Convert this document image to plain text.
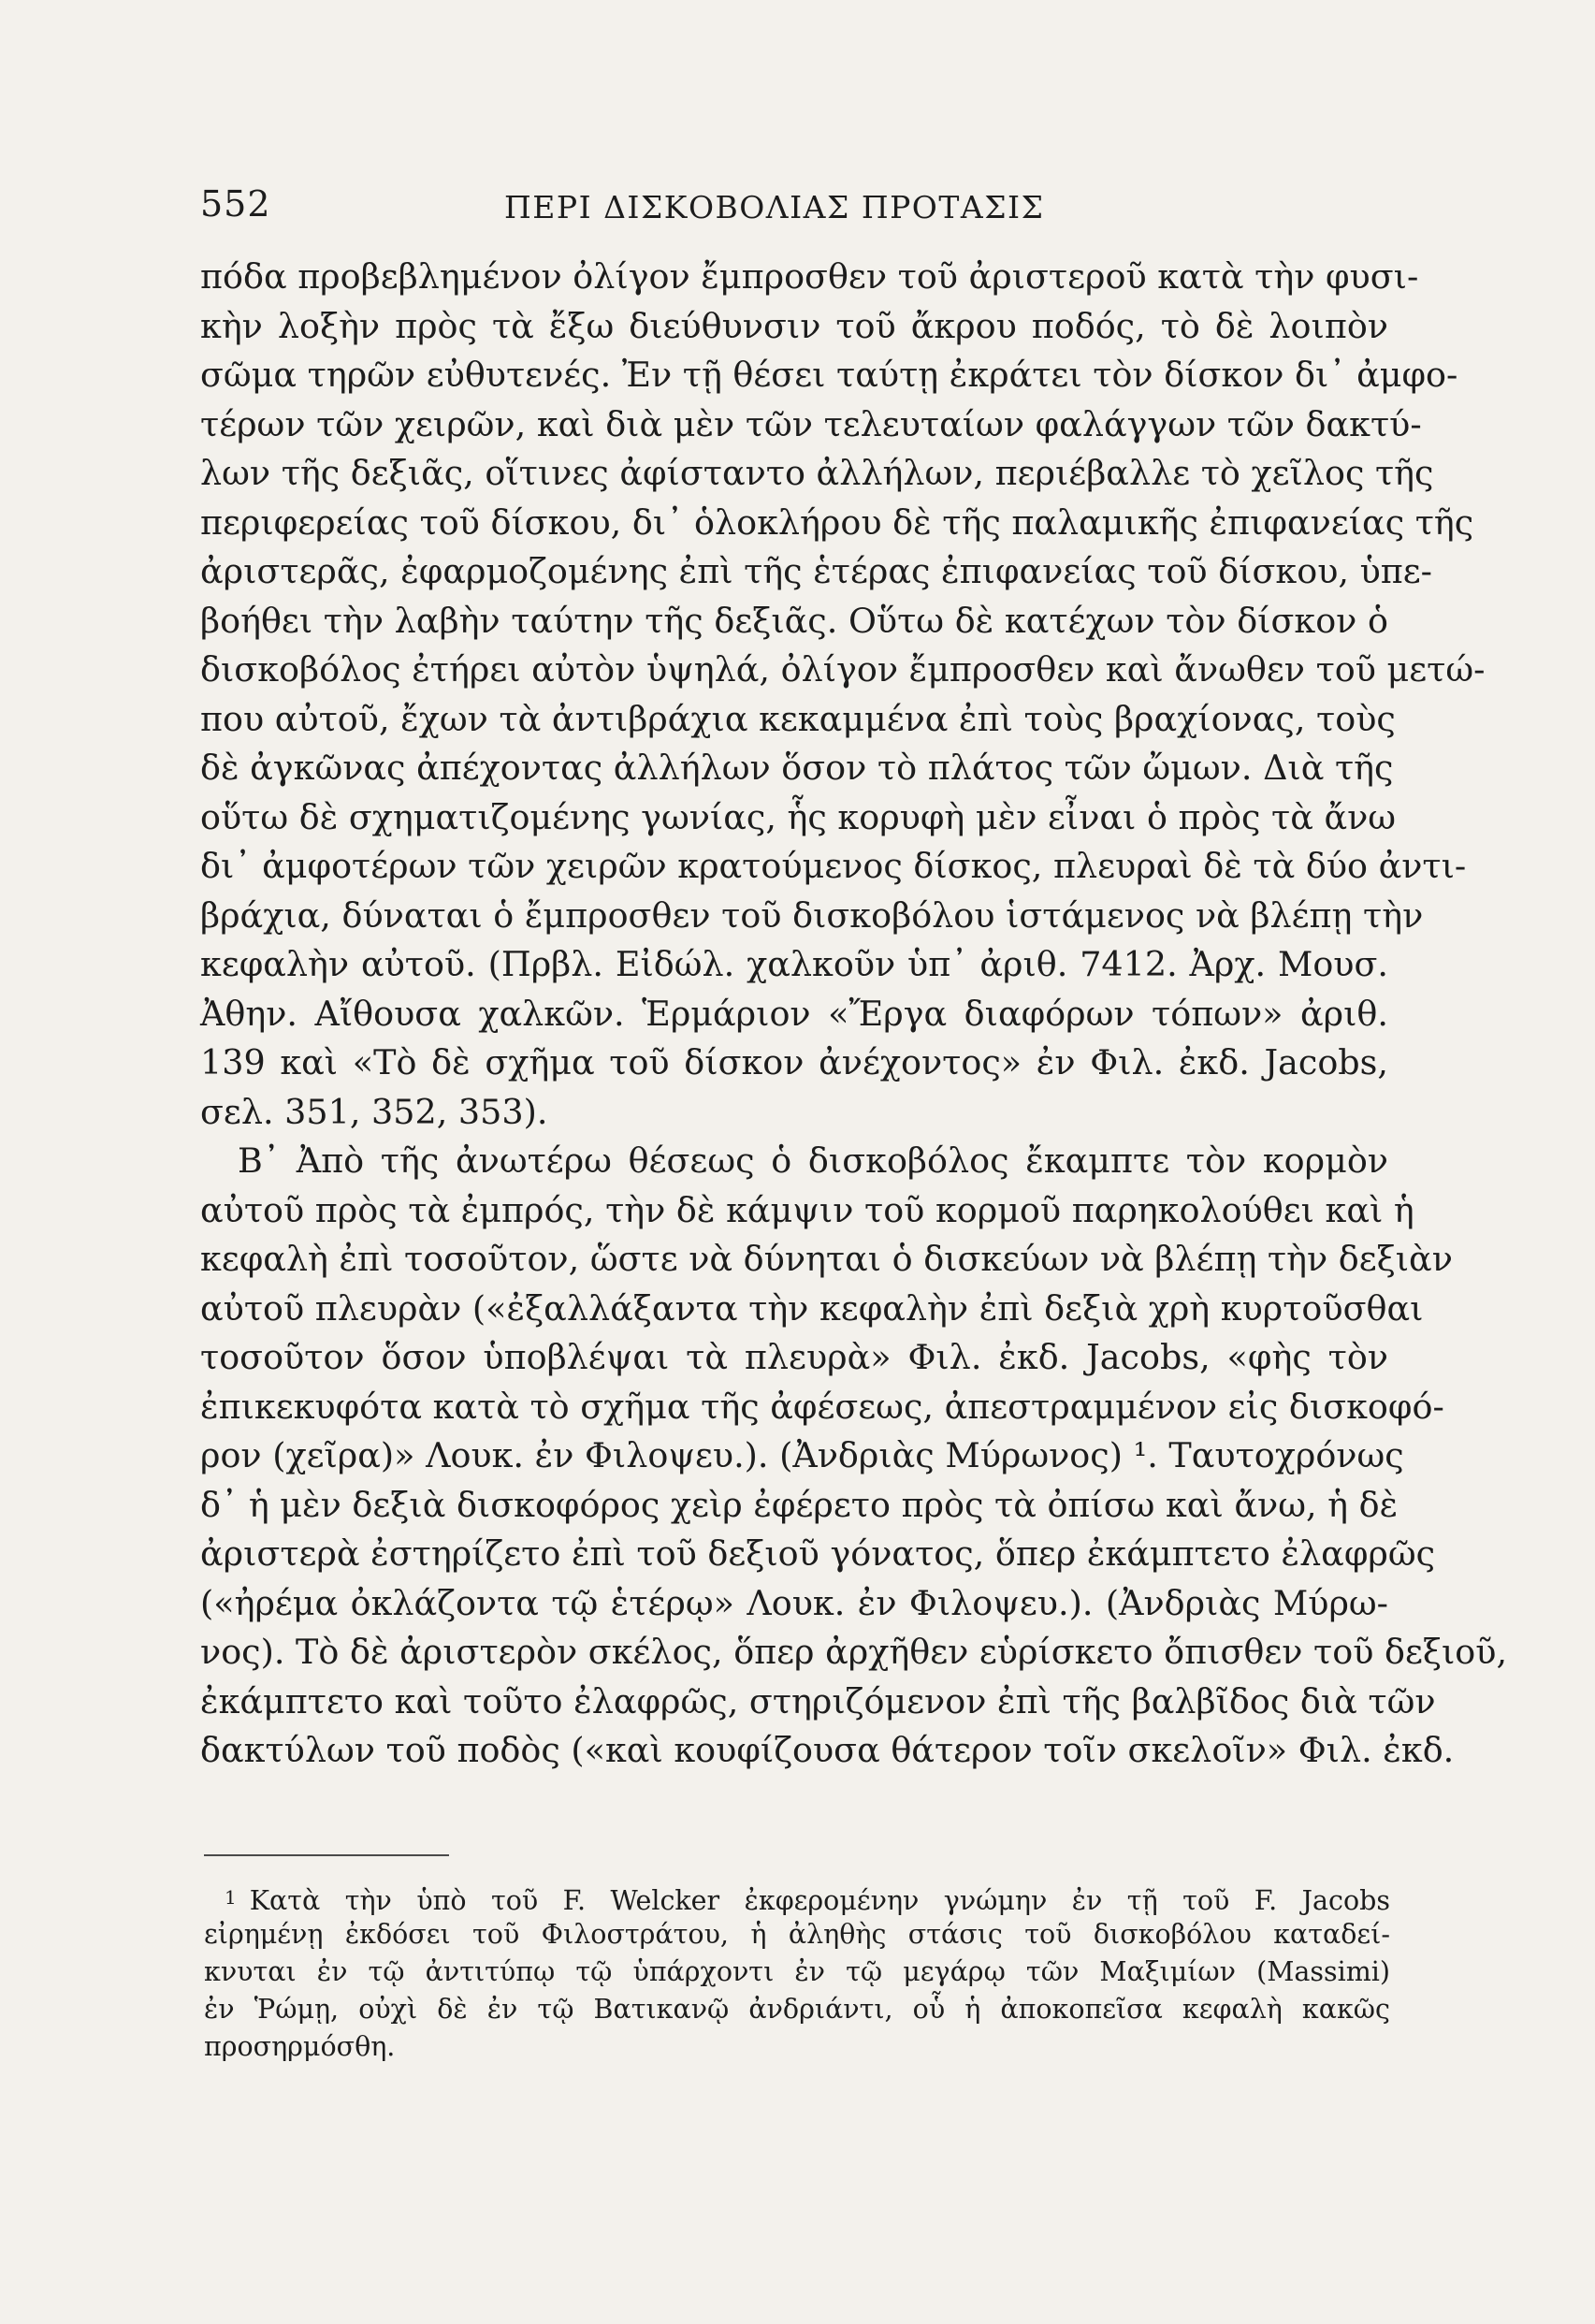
552	ΠΕΡΙ ΔΙΣΚΟΒΟΛΙΑΣ ΠΡΟΤΑΣΙΣ
πόδα προβεβλημένον ὀλίγον ἔμπροσθεν τοῦ ἀριστεροῦ κατὰ τὴν φυσι-
κὴν λοξὴν πρὸς τὰ ἔξω διεύθυνσιν τοῦ ἄκρου ποδός, τὸ δὲ λοιπὸν
σῶμα τηρῶν εὐθυτενές. Ἐν τῇ θέσει ταύτῃ ἐκράτει τὸν δίσκον δι᾽ ἀμφο-
τέρων τῶν χειρῶν, καὶ διὰ μὲν τῶν τελευταίων φαλάγγων τῶν δακτύ-
λων τῆς δεξιᾶς, οἵτινες ἀφίσταντο ἀλλήλων, περιέβαλλε τὸ χεῖλος τῆς
περιφερείας τοῦ δίσκου, δι᾽ ὁλοκλήρου δὲ τῆς παλαμικῆς ἐπιφανείας τῆς
ἀριστερᾶς, ἐφαρμοζομένης ἐπὶ τῆς ἑτέρας ἐπιφανείας τοῦ δίσκου, ὑπε-
βοήθει τὴν λαβὴν ταύτην τῆς δεξιᾶς. Οὕτω δὲ κατέχων τὸν δίσκον ὁ
δισκοβόλος ἐτήρει αὐτὸν ὑψηλά, ὀλίγον ἔμπροσθεν καὶ ἄνωθεν τοῦ μετώ-
που αὐτοῦ, ἔχων τὰ ἀντιβράχια κεκαμμένα ἐπὶ τοὺς βραχίονας, τοὺς
δὲ ἀγκῶνας ἀπέχοντας ἀλλήλων ὅσον τὸ πλάτος τῶν ὤμων. Διὰ τῆς
οὕτω δὲ σχηματιζομένης γωνίας, ἧς κορυφὴ μὲν εἶναι ὁ πρὸς τὰ ἄνω
δι᾽ ἀμφοτέρων τῶν χειρῶν κρατούμενος δίσκος, πλευραὶ δὲ τὰ δύο ἀντι-
βράχια, δύναται ὁ ἔμπροσθεν τοῦ δισκοβόλου ἱστάμενος νὰ βλέπῃ τὴν
κεφαλὴν αὐτοῦ. (Πρβλ. Εἰδώλ. χαλκοῦν ὑπ᾽ ἀριθ. 7412. Ἀρχ. Μουσ.
Ἀθην. Αἴθουσα χαλκῶν. Ἑρμάριον «Ἔργα διαφόρων τόπων» ἀριθ.
139 καὶ «Τὸ δὲ σχῆμα τοῦ δίσκον ἀνέχοντος» ἐν Φιλ. ἐκδ. Jacobs,
σελ. 351, 352, 353).
Β᾽ Ἀπὸ τῆς ἀνωτέρω θέσεως ὁ δισκοβόλος ἔκαμπτε τὸν κορμὸν
αὐτοῦ πρὸς τὰ ἐμπρός, τὴν δὲ κάμψιν τοῦ κορμοῦ παρηκολούθει καὶ ἡ
κεφαλὴ ἐπὶ τοσοῦτον, ὥστε νὰ δύνηται ὁ δισκεύων νὰ βλέπῃ τὴν δεξιὰν
αὐτοῦ πλευρὰν («ἐξαλλάξαντα τὴν κεφαλὴν ἐπὶ δεξιὰ χρὴ κυρτοῦσθαι
τοσοῦτον ὅσον ὑποβλέψαι τὰ πλευρὰ» Φιλ. ἐκδ. Jacobs, «φὴς τὸν
ἐπικεκυφότα κατὰ τὸ σχῆμα τῆς ἀφέσεως, ἀπεστραμμένον εἰς δισκοφό-
ρον (χεῖρα)» Λουκ. ἐν Φιλοψευ.). (Ἀνδριὰς Μύρωνος) ¹. Ταυτοχρόνως
δ᾽ ἡ μὲν δεξιὰ δισκοφόρος χεὶρ ἐφέρετο πρὸς τὰ ὀπίσω καὶ ἄνω, ἡ δὲ
ἀριστερὰ ἐστηρίζετο ἐπὶ τοῦ δεξιοῦ γόνατος, ὅπερ ἐκάμπτετο ἐλαφρῶς
(«ἠρέμα ὀκλάζοντα τῷ ἑτέρῳ» Λουκ. ἐν Φιλοψευ.). (Ἀνδριὰς Μύρω-
νος). Τὸ δὲ ἀριστερὸν σκέλος, ὅπερ ἀρχῆθεν εὑρίσκετο ὄπισθεν τοῦ δεξιοῦ,
ἐκάμπτετο καὶ τοῦτο ἐλαφρῶς, στηριζόμενον ἐπὶ τῆς βαλβῖδος διὰ τῶν
δακτύλων τοῦ ποδὸς («καὶ κουφίζουσα θάτερον τοῖν σκελοῖν» Φιλ. ἐκδ.
$^1$ Κατὰ τὴν ὑπὸ τοῦ F. Welcker ἐκφερομένην γνώμην ἐν τῇ τοῦ F. Jacobs
εἰρημένῃ ἐκδόσει τοῦ Φιλοστράτου, ἡ ἀληθὴς στάσις τοῦ δισκοβόλου καταδεί-
κνυται ἐν τῷ ἀντιτύπῳ τῷ ὑπάρχοντι ἐν τῷ μεγάρῳ τῶν Μαξιμίων (Massimi)
ἐν Ῥώμῃ, οὐχὶ δὲ ἐν τῷ Βατικανῷ ἀνδριάντι, οὗ ἡ ἀποκοπεῖσα κεφαλὴ κακῶς
προσηρμόσθη.
